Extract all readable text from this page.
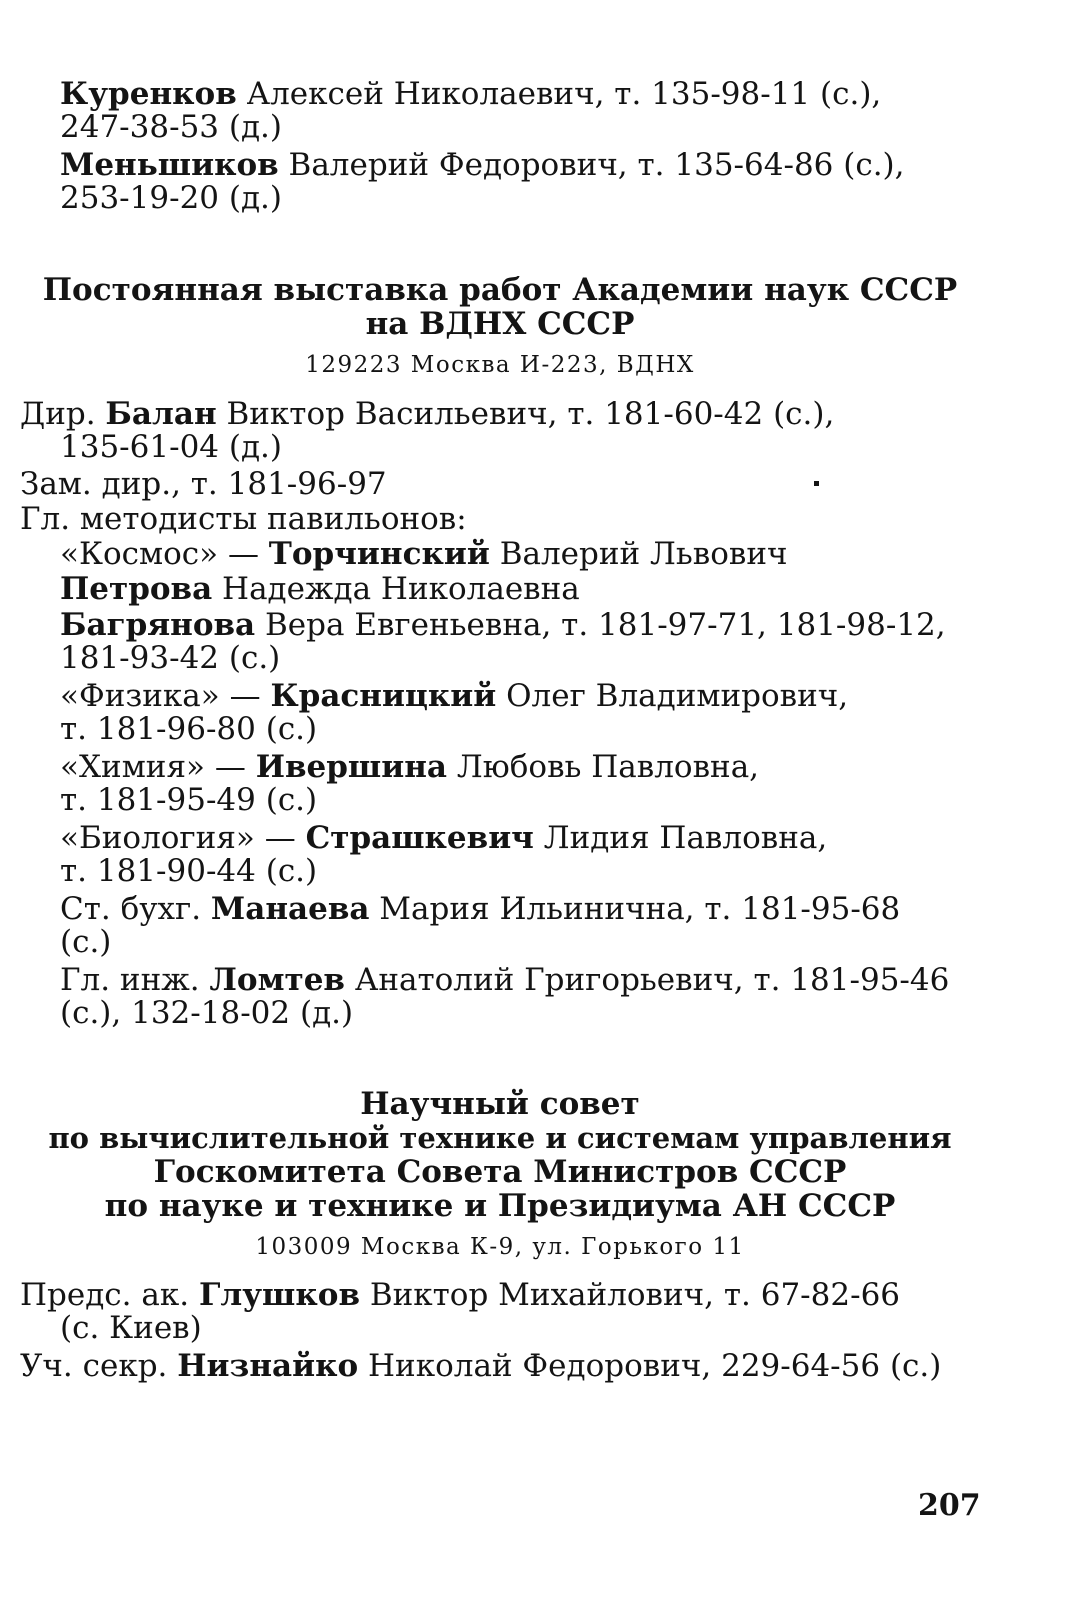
Куренков Алексей Николаевич, т. 135-98-11 (с.),
247-38-53 (д.)
Меньшиков Валерий Федорович, т. 135-64-86 (с.),
253-19-20 (д.)
Постоянная выставка работ Академии наук СССР
на ВДНХ СССР
129223 Москва И-223, ВДНХ
Дир. Балан Виктор Васильевич, т. 181-60-42 (с.),
135-61-04 (д.)
Зам. дир., т. 181-96-97
Гл. методисты павильонов:
«Космос» — Торчинский Валерий Львович
Петрова Надежда Николаевна
Багрянова Вера Евгеньевна, т. 181-97-71, 181-98-12,
181-93-42 (с.)
«Физика» — Красницкий Олег Владимирович,
т. 181-96-80 (с.)
«Химия» — Ивершина Любовь Павловна,
т. 181-95-49 (с.)
«Биология» — Страшкевич Лидия Павловна,
т. 181-90-44 (с.)
Ст. бухг. Манаева Мария Ильинична, т. 181-95-68
(с.)
Гл. инж. Ломтев Анатолий Григорьевич, т. 181-95-46
(с.), 132-18-02 (д.)
Научный совет
по вычислительной технике и системам управления
Госкомитета Совета Министров СССР
по науке и технике и Президиума АН СССР
103009 Москва К-9, ул. Горького 11
Предс. ак. Глушков Виктор Михайлович, т. 67-82-66
(с. Киев)
Уч. секр. Низнайко Николай Федорович, 229-64-56 (с.)
207
